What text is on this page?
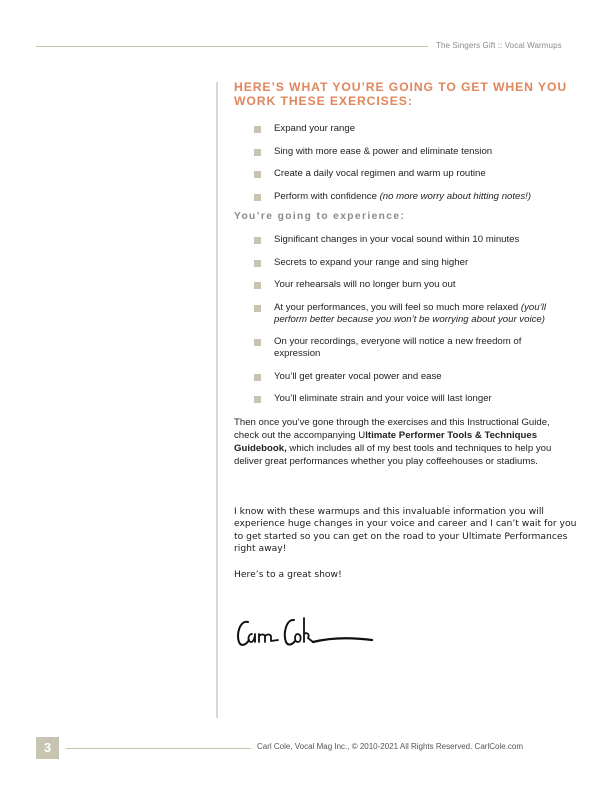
The Singers Gift :: Vocal Warmups
HERE’S WHAT YOU’RE GOING TO GET WHEN YOU WORK THESE EXERCISES:
Expand your range
Sing with more ease & power and eliminate tension
Create a daily vocal regimen and warm up routine
Perform with confidence (no more worry about hitting notes!)
You’re going to experience:
Significant changes in your vocal sound within 10 minutes
Secrets to expand your range and sing higher
Your rehearsals will no longer burn you out
At your performances, you will feel so much more relaxed (you’ll perform better because you won’t be worrying about your voice)
On your recordings, everyone will notice a new freedom of expression
You’ll get greater vocal power and ease
You’ll eliminate strain and your voice will last longer

Then once you’ve gone through the exercises and this Instructional Guide, check out the accompanying Ultimate Performer Tools & Techniques Guidebook, which includes all of my best tools and techniques to help you deliver great performances whether you play coffeehouses or stadiums.

I know with these warmups and this invaluable information you will experience huge changes in your voice and career and I can’t wait for you to get started so you can get on the road to your Ultimate Performances right away!

Here’s to a great show!

3	Carl Cole, Vocal Mag Inc., © 2010-2021 All Rights Reserved. CarlCole.com
